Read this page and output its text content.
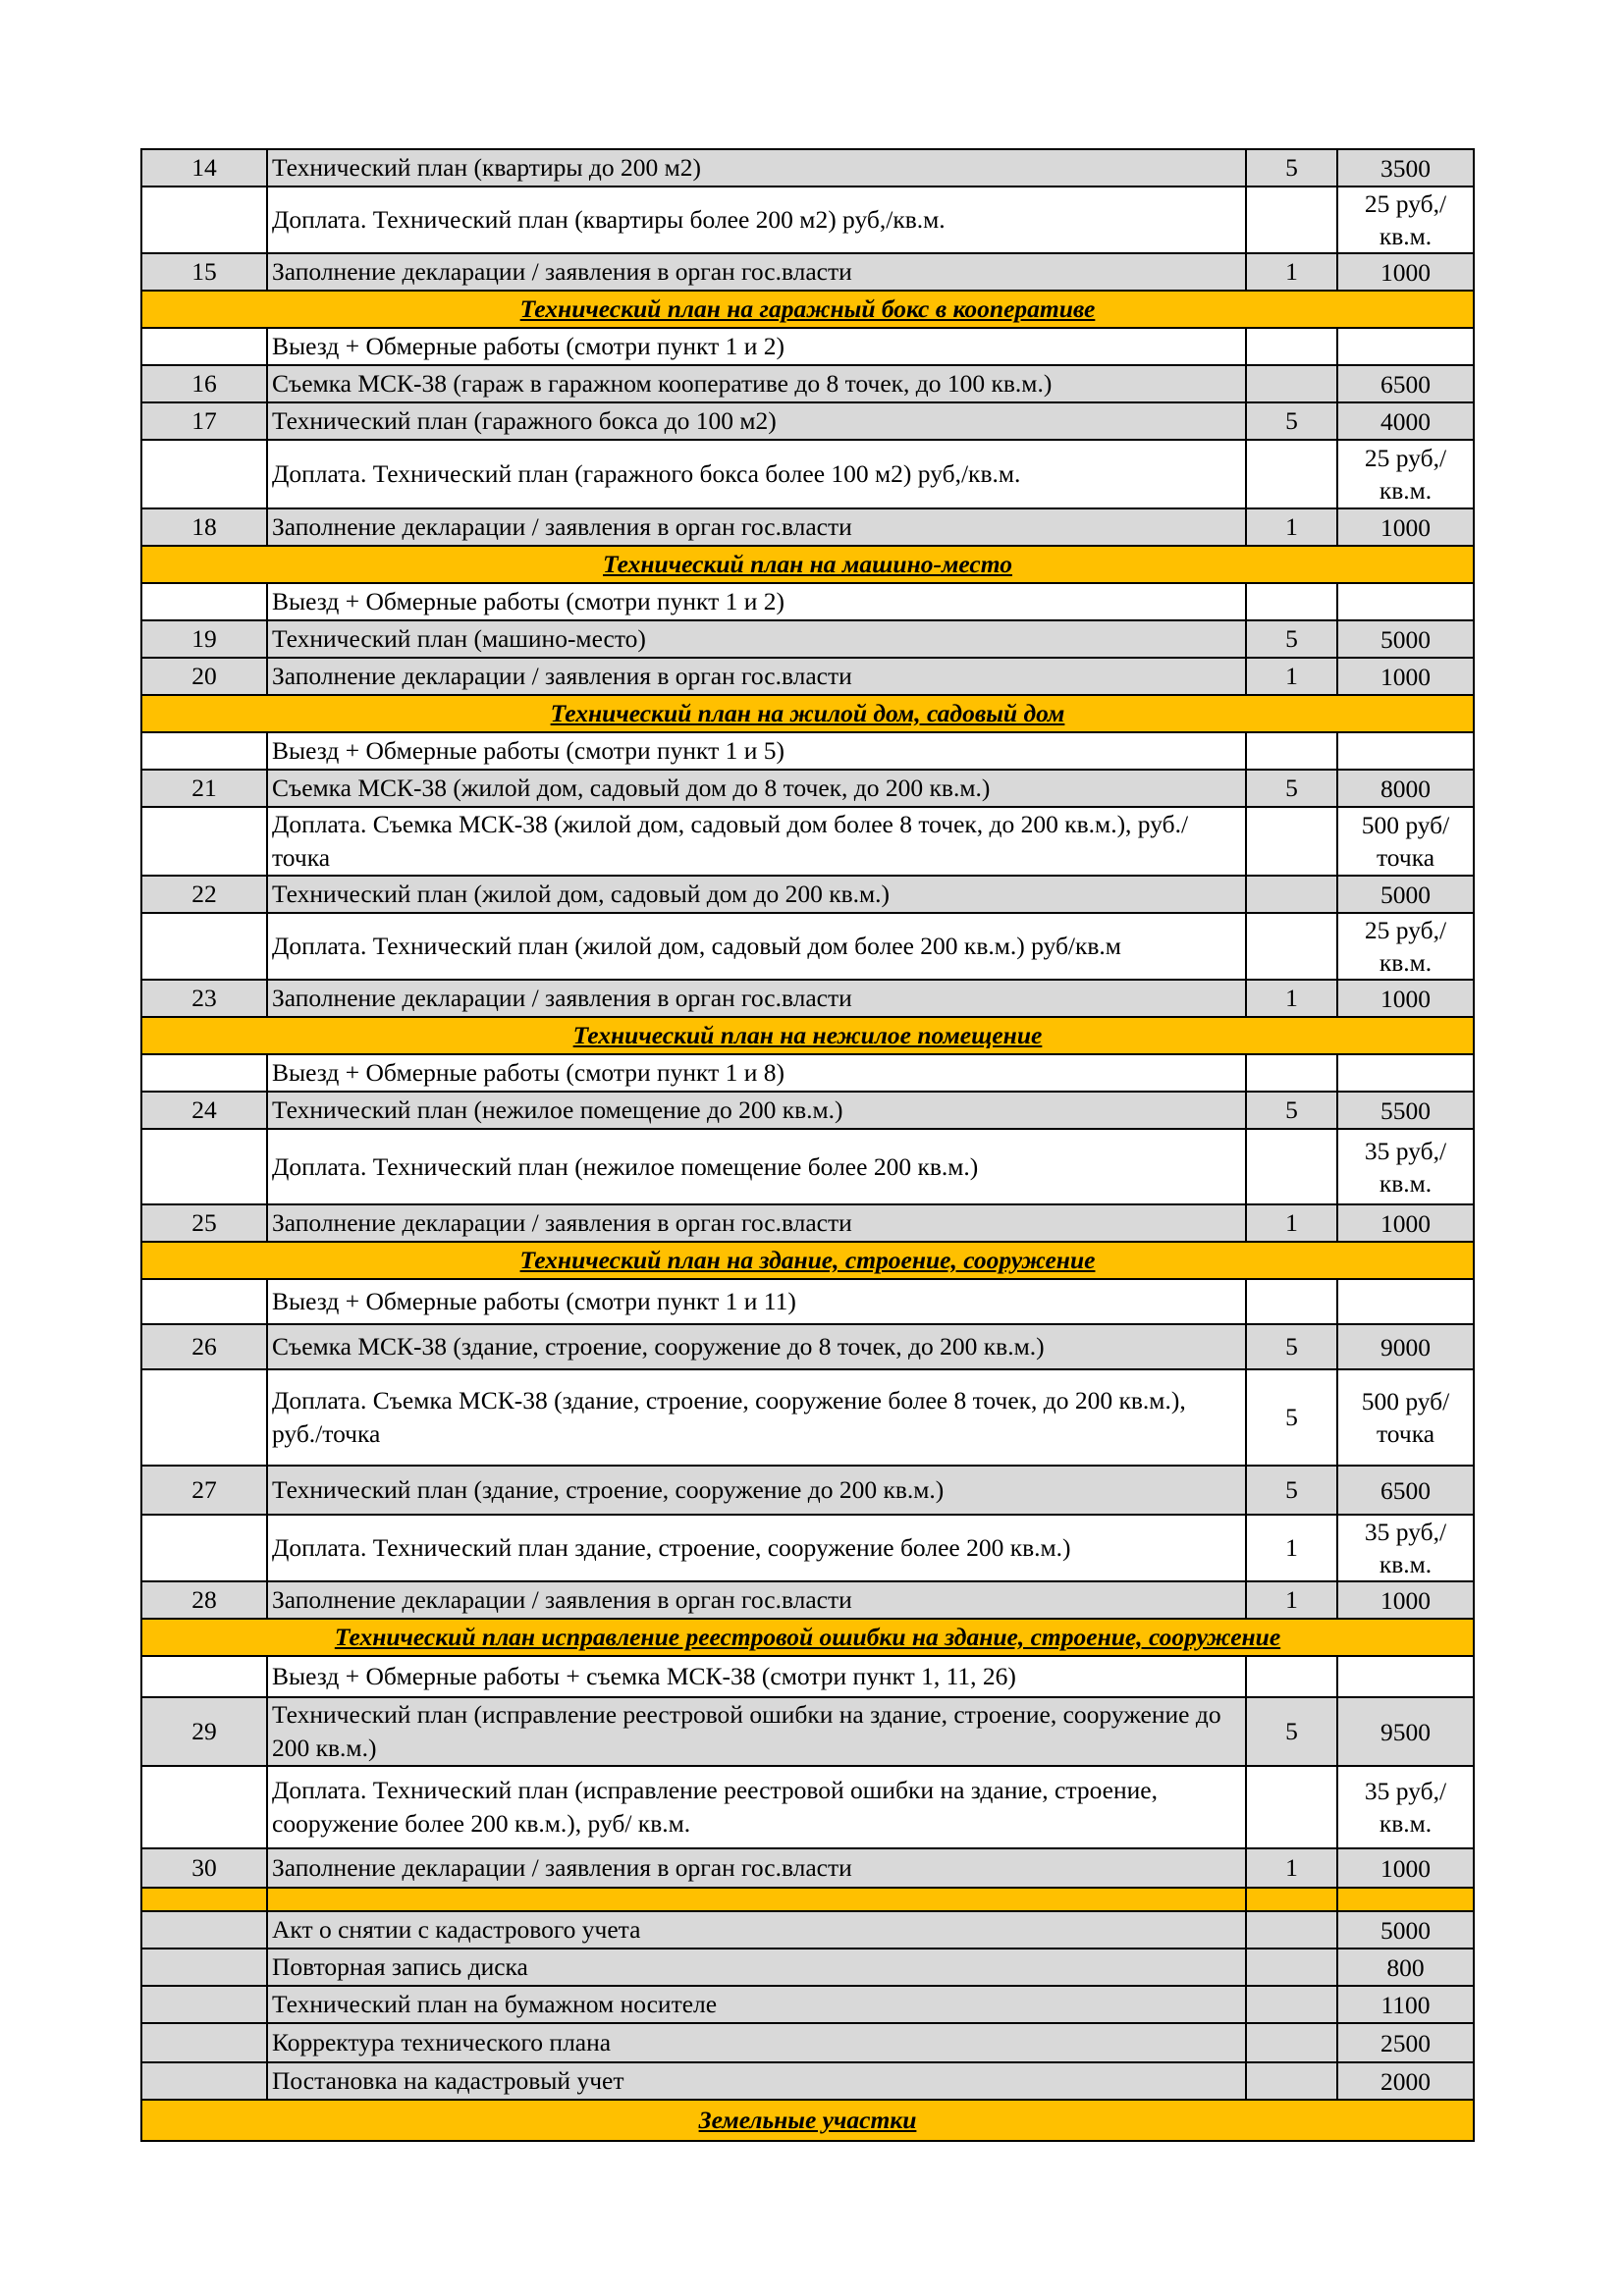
14	Технический план (квартиры до 200 м2)	5	3500
	Доплата. Технический план (квартиры более 200 м2) руб,/кв.м.		25 руб,/кв.м.
15	Заполнение декларации / заявления в орган гос.власти	1	1000
Технический план на гаражный бокс в кооперативе			
	Выезд + Обмерные работы (смотри пункт 1 и 2)		
16	Съемка МСК-38 (гараж в гаражном кооперативе до 8 точек, до 100 кв.м.)		6500
17	Технический план (гаражного бокса до 100 м2)	5	4000
	Доплата. Технический план (гаражного бокса более 100 м2) руб,/кв.м.		25 руб,/кв.м.
18	Заполнение декларации / заявления в орган гос.власти	1	1000
Технический план на машино-место			
	Выезд + Обмерные работы (смотри пункт 1 и 2)		
19	Технический план (машино-место)	5	5000
20	Заполнение декларации / заявления в орган гос.власти	1	1000
Технический план на жилой дом, садовый дом			
	Выезд + Обмерные работы (смотри пункт 1 и 5)		
21	Съемка МСК-38 (жилой дом, садовый дом до 8 точек, до 200 кв.м.)	5	8000
	Доплата. Съемка МСК-38 (жилой дом, садовый дом более 8 точек, до 200 кв.м.), руб./точка		500 руб/точка
22	Технический план (жилой дом, садовый дом до 200 кв.м.)		5000
	Доплата. Технический план (жилой дом, садовый дом более 200 кв.м.) руб/кв.м		25 руб,/кв.м.
23	Заполнение декларации / заявления в орган гос.власти	1	1000
Технический план на нежилое помещение			
	Выезд + Обмерные работы (смотри пункт 1 и 8)		
24	Технический план (нежилое помещение до 200 кв.м.)	5	5500
	Доплата. Технический план (нежилое помещение более 200 кв.м.)		35 руб,/кв.м.
25	Заполнение декларации / заявления в орган гос.власти	1	1000
Технический план на здание, строение, сооружение			
	Выезд + Обмерные работы (смотри пункт 1 и 11)		
26	Съемка МСК-38 (здание, строение, сооружение до 8 точек, до 200 кв.м.)	5	9000
	Доплата. Съемка МСК-38 (здание, строение, сооружение более 8 точек, до 200 кв.м.), руб./точка	5	500 руб/точка
27	Технический план (здание, строение, сооружение до 200 кв.м.)	5	6500
	Доплата. Технический план здание, строение, сооружение более 200 кв.м.)	1	35 руб,/кв.м.
28	Заполнение декларации / заявления в орган гос.власти	1	1000
Технический план исправление реестровой ошибки на здание, строение, сооружение			
	Выезд + Обмерные работы + съемка МСК-38 (смотри пункт 1, 11, 26)		
29	Технический план (исправление реестровой ошибки на здание, строение, сооружение до 200 кв.м.)	5	9500
	Доплата. Технический план (исправление реестровой ошибки на здание, строение, сооружение более 200 кв.м.), руб/ кв.м.		35 руб,/кв.м.
30	Заполнение декларации / заявления в орган гос.власти	1	1000

	Акт о снятии с кадастрового учета		5000
	Повторная запись диска		800
	Технический план на бумажном носителе		1100
	Корректура технического плана		2500
	Постановка на кадастровый учет		2000
Земельные участки			
